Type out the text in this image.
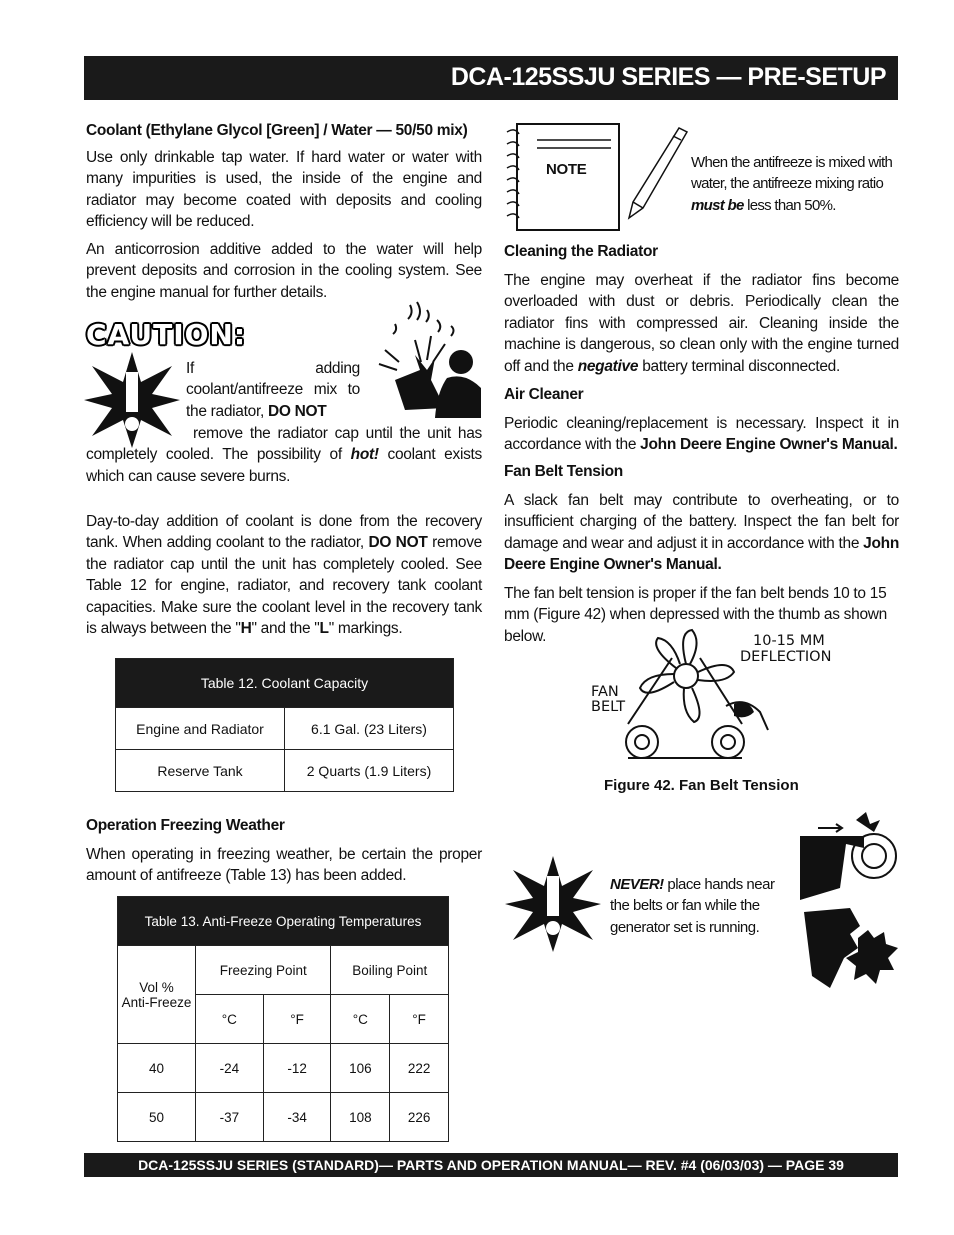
DCA-125SSJU SERIES — PRE-SETUP
Coolant (Ethylane Glycol [Green] / Water — 50/50 mix)
Use only drinkable tap water. If hard water or water with many impurities is used, the inside of the engine and radiator may become coated with deposits and cooling efficiency will be reduced.
An anticorrosion additive added to the water will help prevent deposits and corrosion in the cooling system. See the engine manual for further details.
CAUTION:
If adding coolant/antifreeze mix to the radiator, DO NOT
remove the radiator cap until the unit has completely cooled. The possibility of hot! coolant exists which can cause severe burns.
Day-to-day addition of coolant is done from the recovery tank. When adding coolant to the radiator, DO NOT remove the radiator cap until the unit has completely cooled. See Table 12 for engine, radiator, and recovery tank coolant capacities. Make sure the coolant level in the recovery tank is always between the "H" and the "L" markings.
Table 12. Coolant Capacity	
Engine and Radiator	6.1 Gal. (23 Liters)
Reserve Tank	2 Quarts (1.9 Liters)
Operation Freezing Weather
When operating in freezing weather, be certain the proper amount of antifreeze (Table 13) has been added.
Table 13. Anti-Freeze Operating Temperatures				
Vol %
Anti-Freeze	Freezing Point		Boiling Point	
	°C	°F	°C	°F
40	-24	-12	106	222
50	-37	-34	108	226
NOTE	When the antifreeze is mixed with water, the antifreeze mixing ratio must be less than 50%.
Cleaning the Radiator
The engine may overheat if the radiator fins become overloaded with dust or debris. Periodically clean the radiator fins with compressed air. Cleaning inside the machine is dangerous, so clean only with the engine turned off and the negative battery terminal disconnected.
Air Cleaner
Periodic cleaning/replacement is necessary. Inspect it in accordance with the John Deere Engine Owner's Manual.
Fan Belt Tension
A slack fan belt may contribute to overheating, or to insufficient charging of the battery. Inspect the fan belt for damage and wear and adjust it in accordance with the John Deere Engine Owner's Manual.
The fan belt tension is proper if the fan belt bends 10 to 15 mm (Figure 42) when depressed with the thumb as shown below.	10-15 MM
DEFLECTION
FAN
BELT
Figure 42. Fan Belt Tension
NEVER! place hands near the belts or fan while the generator set is running.
DCA-125SSJU SERIES (STANDARD)— PARTS AND OPERATION MANUAL— REV. #4 (06/03/03) — PAGE 39
